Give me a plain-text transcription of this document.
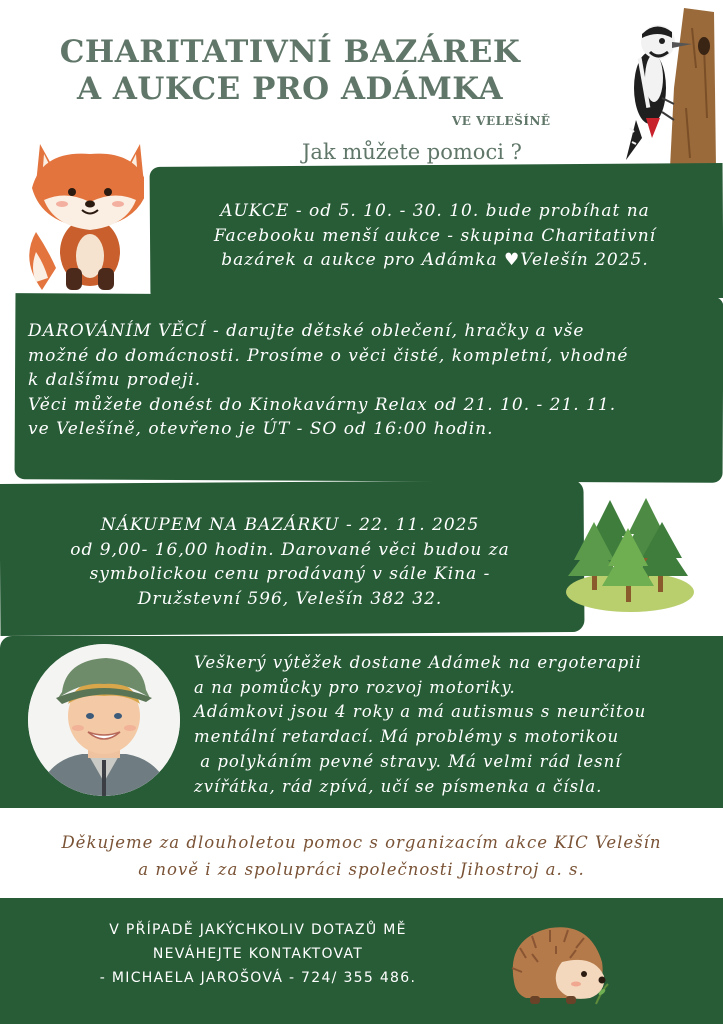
CHARITATIVNÍ BAZÁREK
A AUKCE PRO ADÁMKA
VE VELEŠÍNĚ
Jak můžete pomoci ?
AUKCE - od 5. 10. - 30. 10. bude probíhat na
Facebooku menší aukce - skupina Charitativní
bazárek a aukce pro Adámka ♥Velešín 2025.
DAROVÁNÍM VĚCÍ - darujte dětské oblečení, hračky a vše
možné do domácnosti. Prosíme o věci čisté, kompletní, vhodné
k dalšímu prodeji.
Věci můžete donést do Kinokavárny Relax od 21. 10. - 21. 11.
ve Velešíně, otevřeno je ÚT - SO od 16:00 hodin.
NÁKUPEM NA BAZÁRKU - 22. 11. 2025
od 9,00- 16,00 hodin. Darované věci budou za
symbolickou cenu prodávaný v sále Kina -
Družstevní 596, Velešín 382 32.
Veškerý výtěžek dostane Adámek na ergoterapii
a na pomůcky pro rozvoj motoriky.
Adámkovi jsou 4 roky a má autismus s neurčitou
mentální retardací. Má problémy s motorikou
a polykáním pevné stravy. Má velmi rád lesní
zvířátka, rád zpívá, učí se písmenka a čísla.
Děkujeme za dlouholetou pomoc s organizacím akce KIC Velešín
a nově i za spolupráci společnosti Jihostroj a. s.
V PŘÍPADĚ JAKÝCHKOLIV DOTAZŮ MĚ
NEVÁHEJTE KONTAKTOVAT
- MICHAELA JAROŠOVÁ - 724/ 355 486.
